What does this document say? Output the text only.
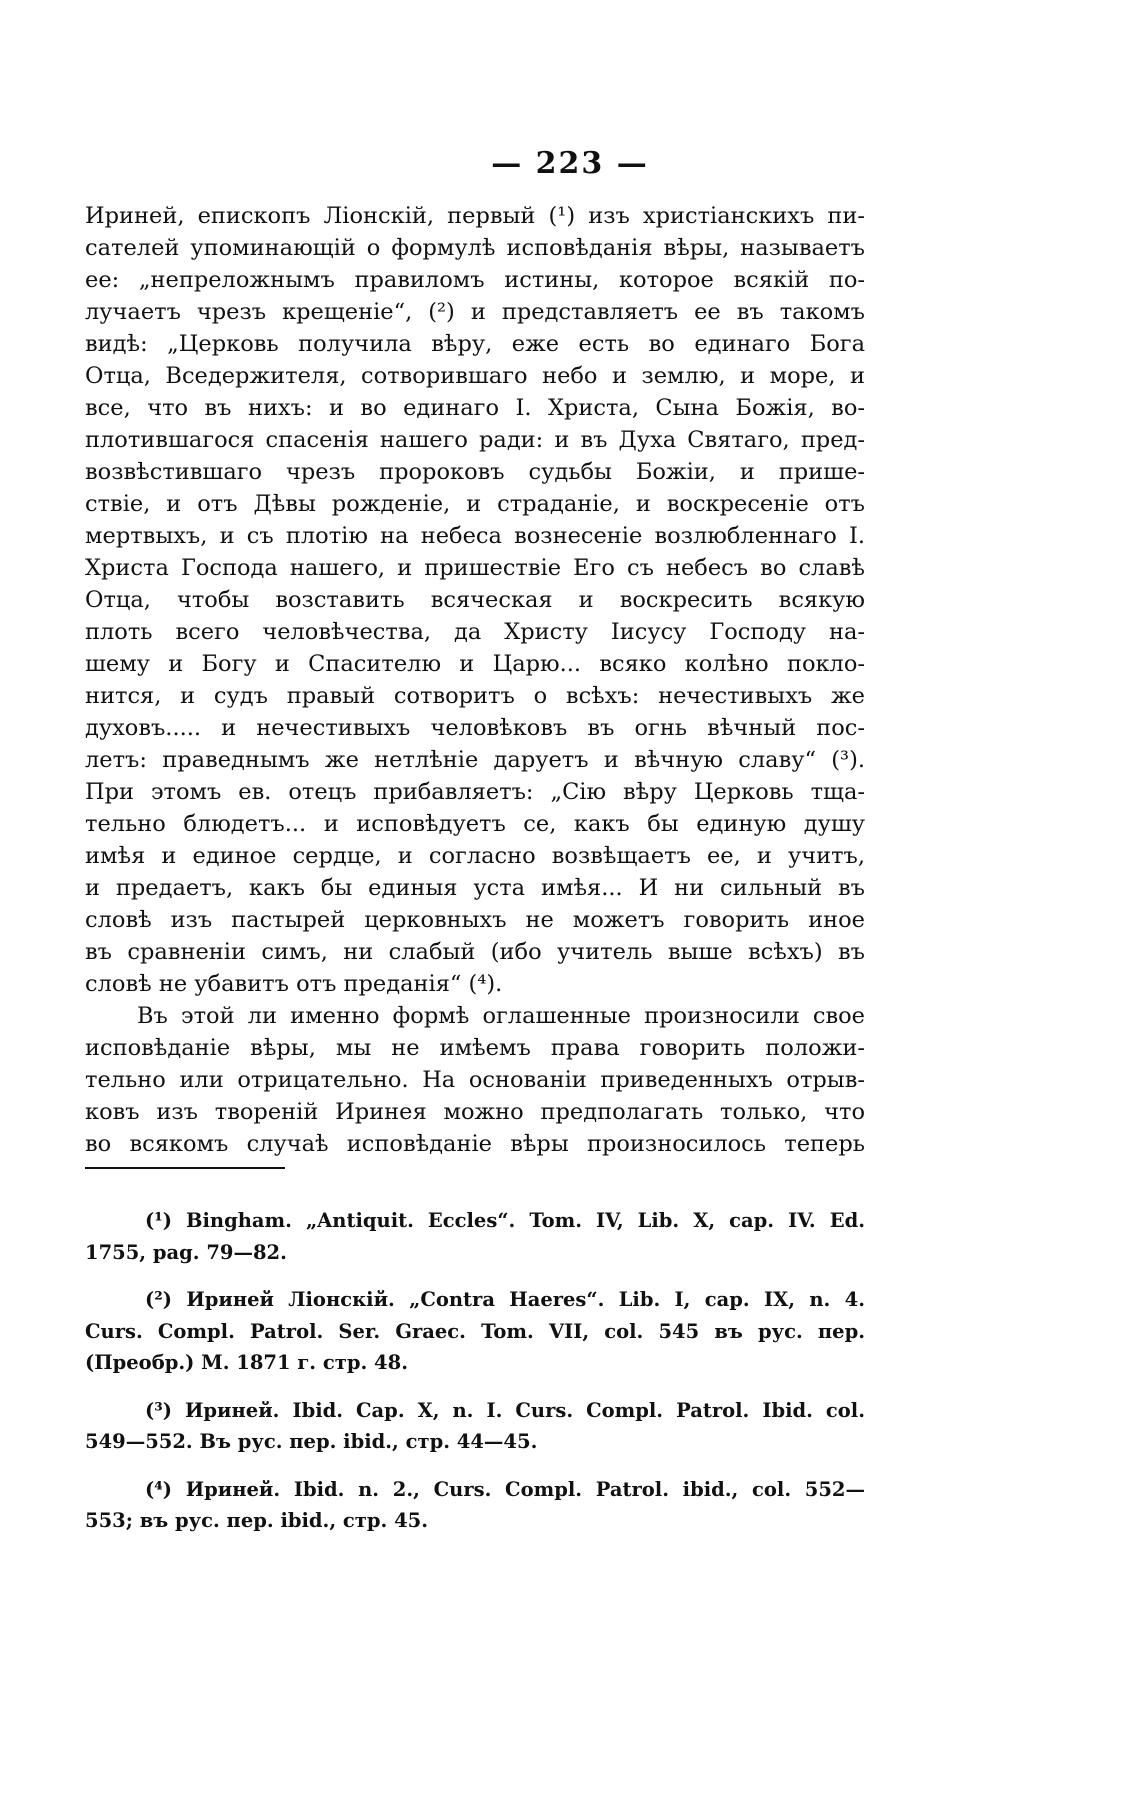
— 223 —
Ириней, епископъ Ліонскій, первый (¹) изъ христіанскихъ пи-
сателей упоминающій о формулѣ исповѣданія вѣры, называетъ
ее: „непреложнымъ правиломъ истины, которое всякій по-
лучаетъ чрезъ крещеніе“, (²) и представляетъ ее въ такомъ
видѣ: „Церковь получила вѣру, еже есть во единаго Бога
Отца, Вседержителя, сотворившаго небо и землю, и море, и
все, что въ нихъ: и во единаго І. Христа, Сына Божія, во-
плотившагося спасенія нашего ради: и въ Духа Святаго, пред-
возвѣстившаго чрезъ пророковъ судьбы Божіи, и прише-
ствіе, и отъ Дѣвы рожденіе, и страданіе, и воскресеніе отъ
мертвыхъ, и съ плотію на небеса вознесеніе возлюбленнаго І.
Христа Господа нашего, и пришествіе Его съ небесъ во славѣ
Отца, чтобы возставить всяческая и воскресить всякую
плоть всего человѣчества, да Христу Іисусу Господу на-
шему и Богу и Спасителю и Царю... всяко колѣно покло-
нится, и судъ правый сотворитъ о всѣхъ: нечестивыхъ же
духовъ..... и нечестивыхъ человѣковъ въ огнь вѣчный пос-
летъ: праведнымъ же нетлѣніе даруетъ и вѣчную славу“ (³).
При этомъ ев. отецъ прибавляетъ: „Сію вѣру Церковь тща-
тельно блюдетъ... и исповѣдуетъ се, какъ бы единую душу
имѣя и единое сердце, и согласно возвѣщаетъ ее, и учитъ,
и предаетъ, какъ бы единыя уста имѣя... И ни сильный въ
словѣ изъ пастырей церковныхъ не можетъ говорить иное
въ сравненіи симъ, ни слабый (ибо учитель выше всѣхъ) въ
словѣ не убавитъ отъ преданія“ (⁴).
Въ этой ли именно формѣ оглашенные произносили свое
исповѣданіе вѣры, мы не имѣемъ права говорить положи-
тельно или отрицательно. На основаніи приведенныхъ отрыв-
ковъ изъ твореній Иринея можно предполагать только, что
во всякомъ случаѣ исповѣданіе вѣры произносилось теперь
(¹) Bingham. „Antiquit. Eccles“. Tom. IV, Lib. X, cap. IV. Ed.
1755, pag. 79—82.
(²) Ириней Ліонскій. „Contra Haeres“. Lib. I, cap. IX, n. 4.
Curs. Compl. Patrol. Ser. Graec. Tom. VII, col. 545 въ рус. пер.
(Преобр.) М. 1871 г. стр. 48.
(³) Ириней. Ibid. Cap. X, n. I. Curs. Compl. Patrol. Ibid. col.
549—552. Въ рус. пер. ibid., стр. 44—45.
(⁴) Ириней. Ibid. n. 2., Curs. Compl. Patrol. ibid., col. 552—
553; въ рус. пер. ibid., стр. 45.
